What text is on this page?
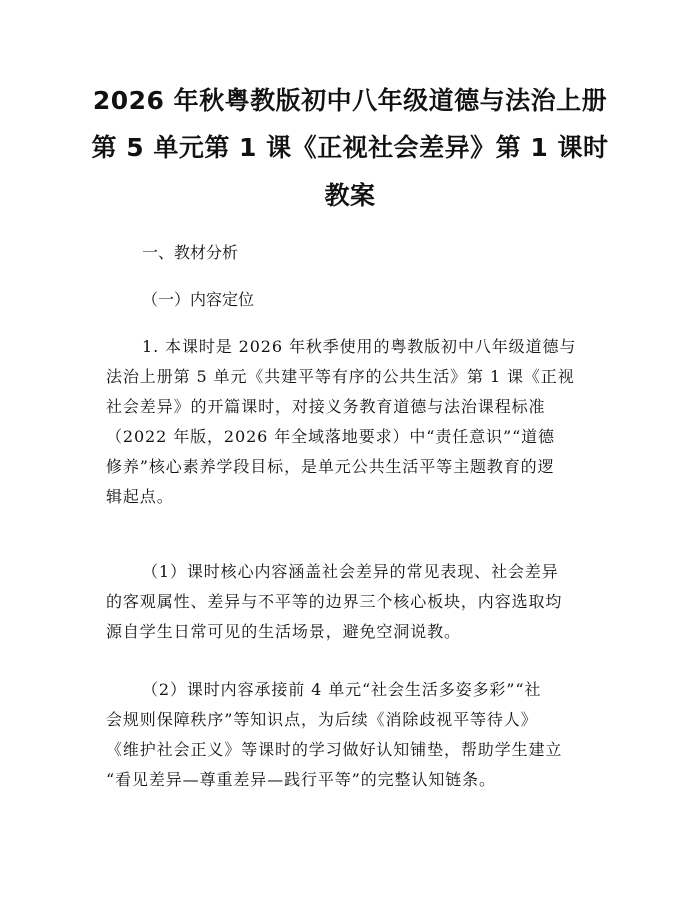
2026 年秋粤教版初中八年级道德与法治上册
第 5 单元第 1 课《正视社会差异》第 1 课时
教案
一、教材分析
（一）内容定位
1. 本课时是 2026 年秋季使用的粤教版初中八年级道德与
法治上册第 5 单元《共建平等有序的公共生活》第 1 课《正视
社会差异》的开篇课时，对接义务教育道德与法治课程标准
（2022 年版，2026 年全域落地要求）中“责任意识”“道德
修养”核心素养学段目标，是单元公共生活平等主题教育的逻
辑起点。
（1）课时核心内容涵盖社会差异的常见表现、社会差异
的客观属性、差异与不平等的边界三个核心板块，内容选取均
源自学生日常可见的生活场景，避免空洞说教。
（2）课时内容承接前 4 单元“社会生活多姿多彩”“社
会规则保障秩序”等知识点，为后续《消除歧视平等待人》
《维护社会正义》等课时的学习做好认知铺垫，帮助学生建立
“看见差异—尊重差异—践行平等”的完整认知链条。
